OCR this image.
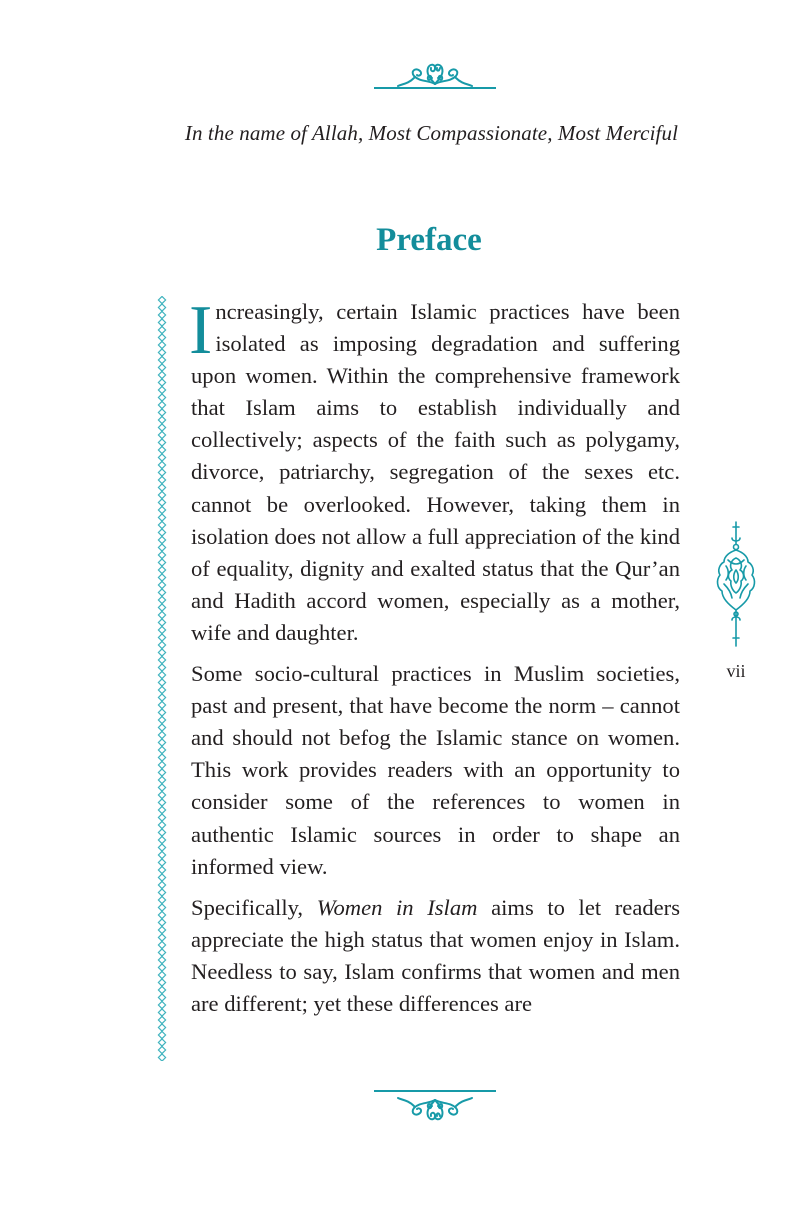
In the name of Allah, Most Compassionate, Most Merciful
Preface

Increasingly, certain Islamic practices have been isolated as imposing degradation and suffering upon women. Within the comprehensive framework that Islam aims to establish individually and collectively; aspects of the faith such as polygamy, divorce, patriarchy, segregation of the sexes etc. cannot be overlooked. However, taking them in isolation does not allow a full appreciation of the kind of equality, dignity and exalted status that the Qur’an and Hadith accord women, especially as a mother, wife and daughter.

Some socio-cultural practices in Muslim societies, past and present, that have become the norm – cannot and should not befog the Islamic stance on women. This work provides readers with an opportunity to consider some of the references to women in authentic Islamic sources in order to shape an informed view.

Specifically, Women in Islam aims to let readers appreciate the high status that women enjoy in Islam. Needless to say, Islam confirms that women and men are different; yet these differences are

vii
